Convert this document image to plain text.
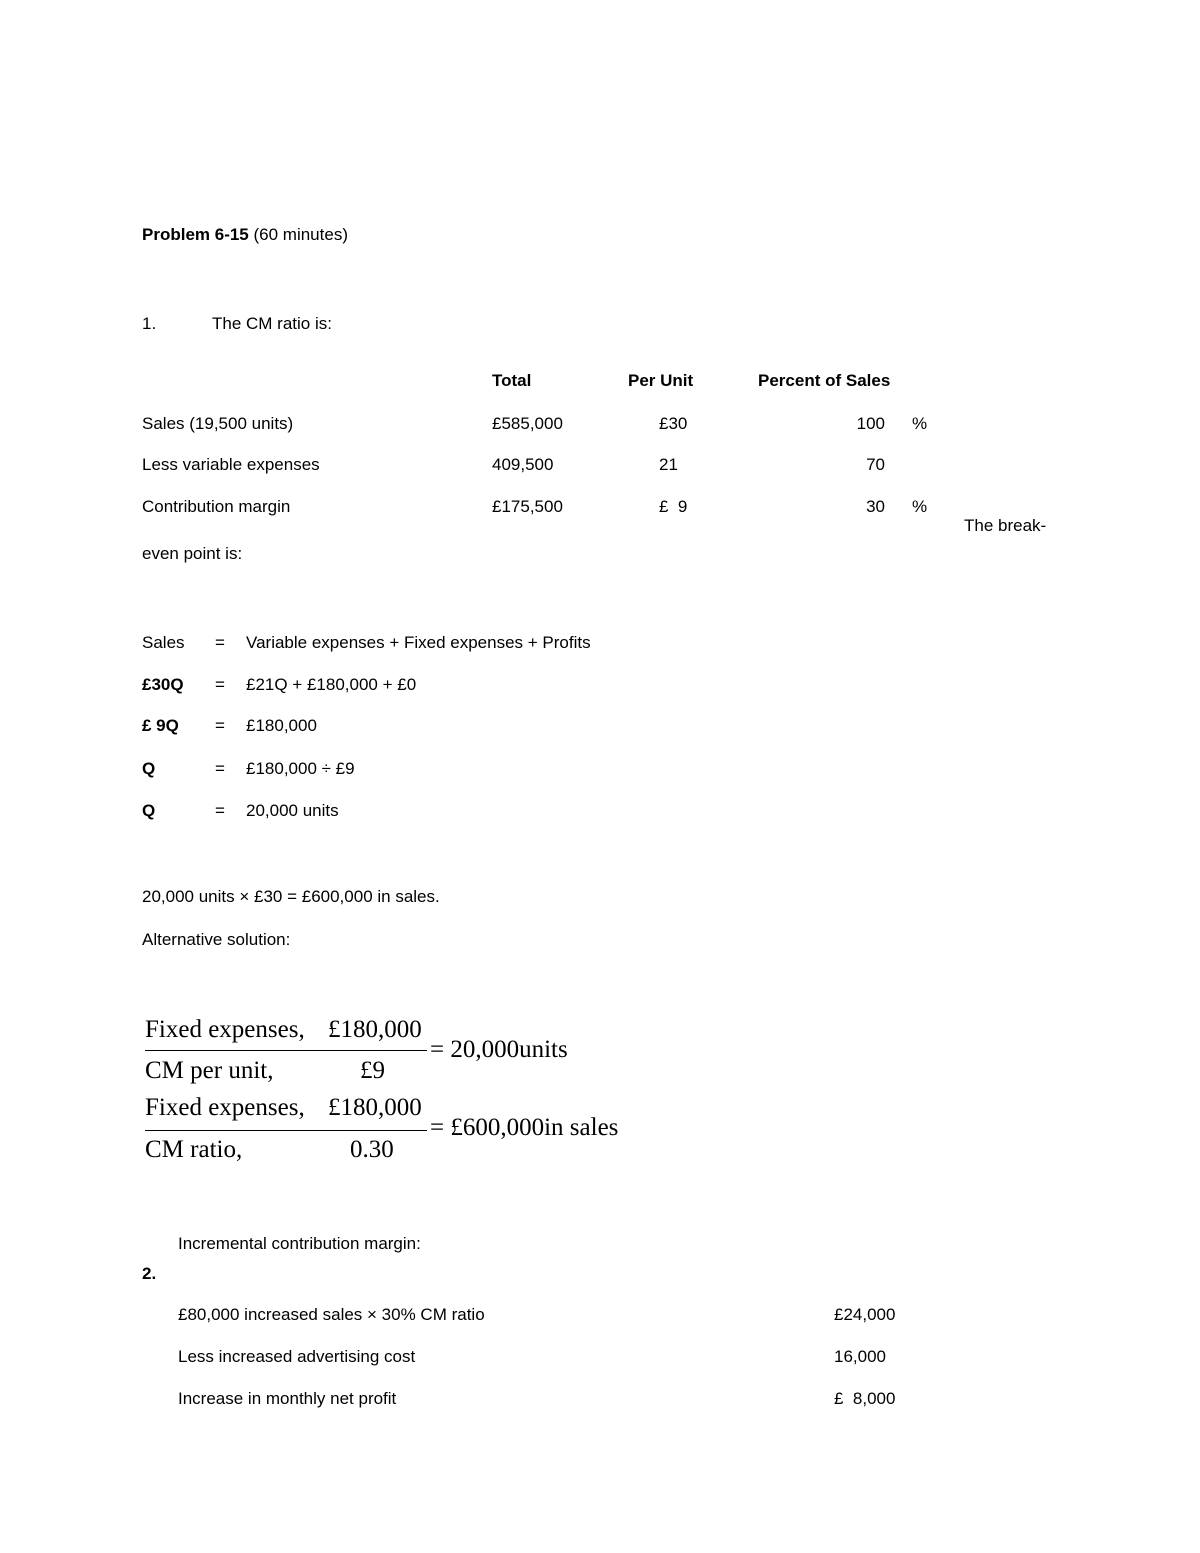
Problem 6-15 (60 minutes)
1.	The CM ratio is:
Total	Per Unit	Percent of Sales
Sales (19,500 units)	£585,000	£30	100 %
Less variable expenses	409,500	21	70
Contribution margin	£175,500	£  9	30 %
The break-
even point is:
Sales = Variable expenses + Fixed expenses + Profits
£30Q = £21Q + £180,000 + £0
£ 9Q = £180,000
Q	= £180,000 ÷ £9
Q	= 20,000 units
20,000 units × £30 = £600,000 in sales.
Alternative solution:
Fixed expenses, £180,000
CM per unit,	£9
= 20,000units
Fixed expenses, £180,000
CM ratio,	0.30
= £600,000in sales
Incremental contribution margin:
2.
£80,000 increased sales × 30% CM ratio	£24,000
Less increased advertising cost	16,000
Increase in monthly net profit	£  8,000
